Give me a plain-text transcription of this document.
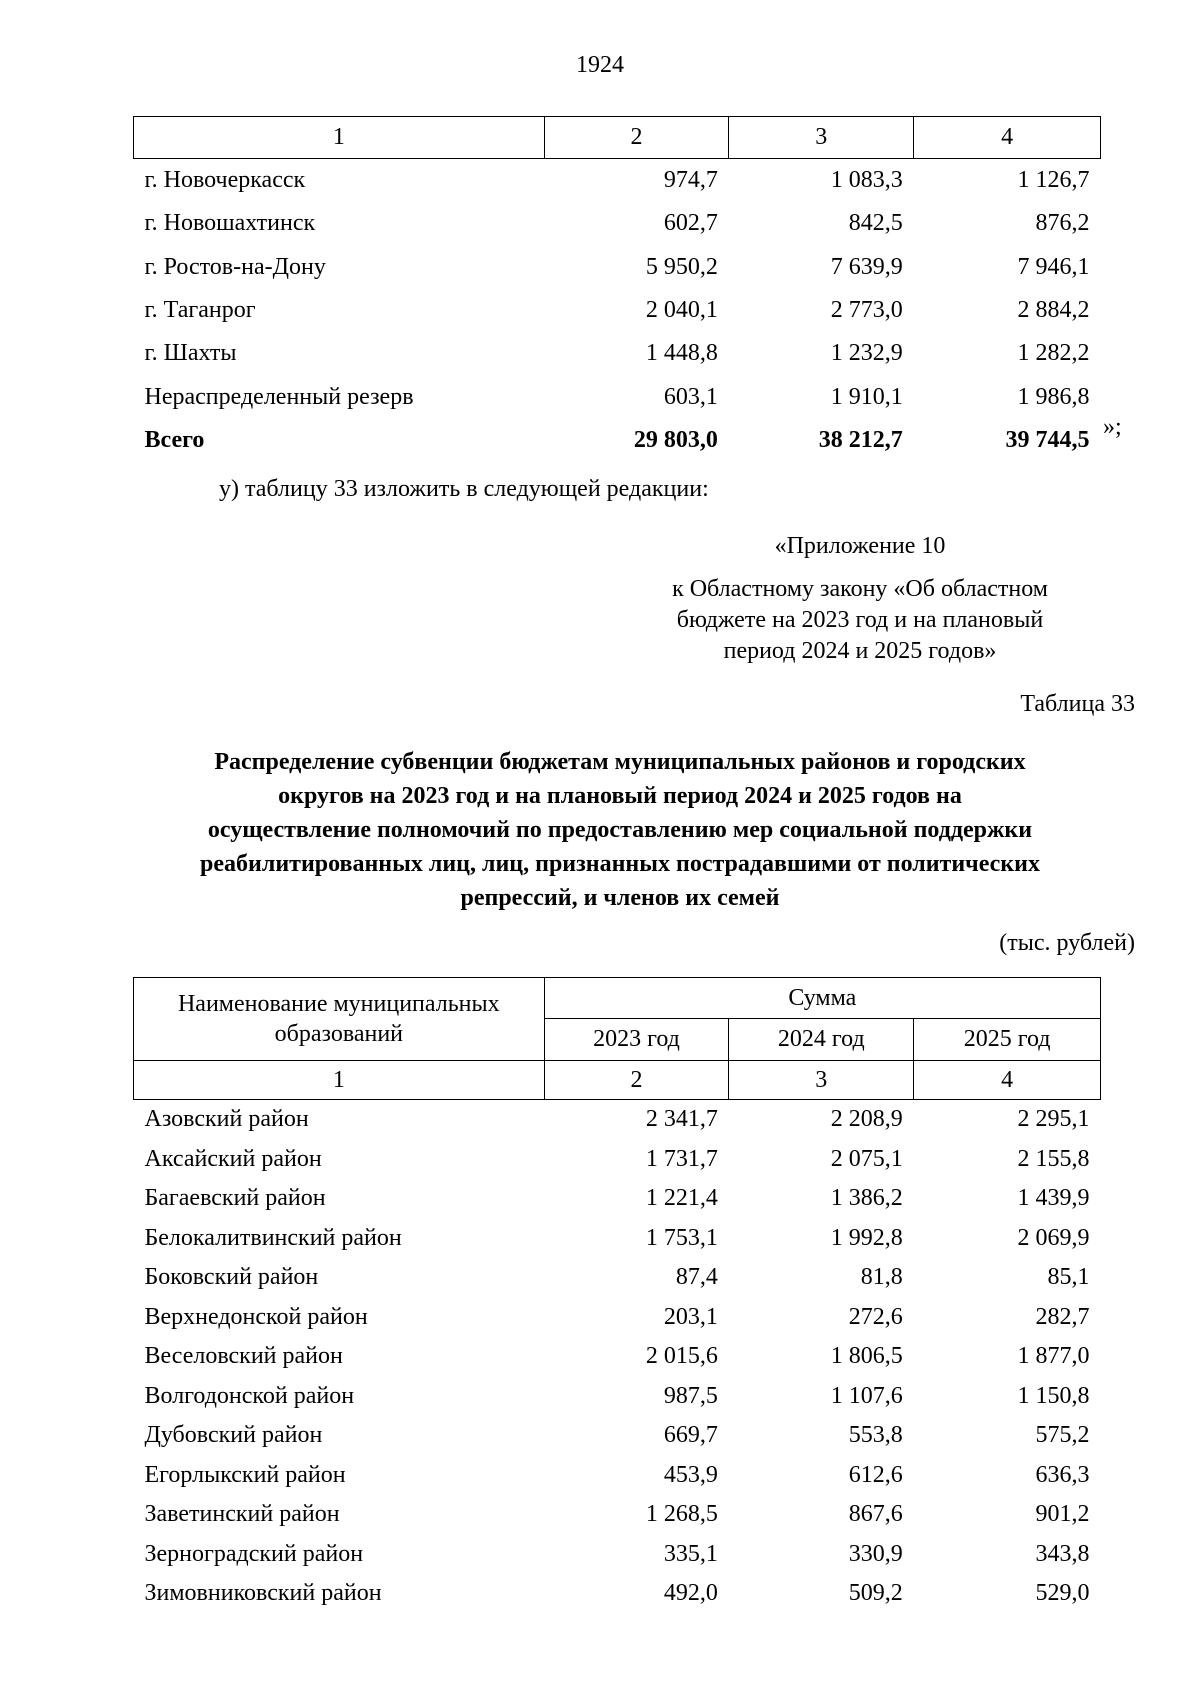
1924
1	2	3	4
г. Новочеркасск	974,7	1 083,3	1 126,7
г. Новошахтинск	602,7	842,5	876,2
г. Ростов-на-Дону	5 950,2	7 639,9	7 946,1
г. Таганрог	2 040,1	2 773,0	2 884,2
г. Шахты	1 448,8	1 232,9	1 282,2
Нераспределенный резерв	603,1	1 910,1	1 986,8
Всего	29 803,0	38 212,7	39 744,5 »;
у) таблицу 33 изложить в следующей редакции:
«Приложение 10
к Областному закону «Об областном
бюджете на 2023 год и на плановый
период 2024 и 2025 годов»
Таблица 33
Распределение субвенции бюджетам муниципальных районов и городских
округов на 2023 год и на плановый период 2024 и 2025 годов на
осуществление полномочий по предоставлению мер социальной поддержки
реабилитированных лиц, лиц, признанных пострадавшими от политических
репрессий, и членов их семей
(тыс. рублей)
Наименование муниципальных
образований	Сумма		
	2023 год	2024 год	2025 год
1	2	3	4
Азовский район	2 341,7	2 208,9	2 295,1
Аксайский район	1 731,7	2 075,1	2 155,8
Багаевский район	1 221,4	1 386,2	1 439,9
Белокалитвинский район	1 753,1	1 992,8	2 069,9
Боковский район	87,4	81,8	85,1
Верхнедонской район	203,1	272,6	282,7
Веселовский район	2 015,6	1 806,5	1 877,0
Волгодонской район	987,5	1 107,6	1 150,8
Дубовский район	669,7	553,8	575,2
Егорлыкский район	453,9	612,6	636,3
Заветинский район	1 268,5	867,6	901,2
Зерноградский район	335,1	330,9	343,8
Зимовниковский район	492,0	509,2	529,0
